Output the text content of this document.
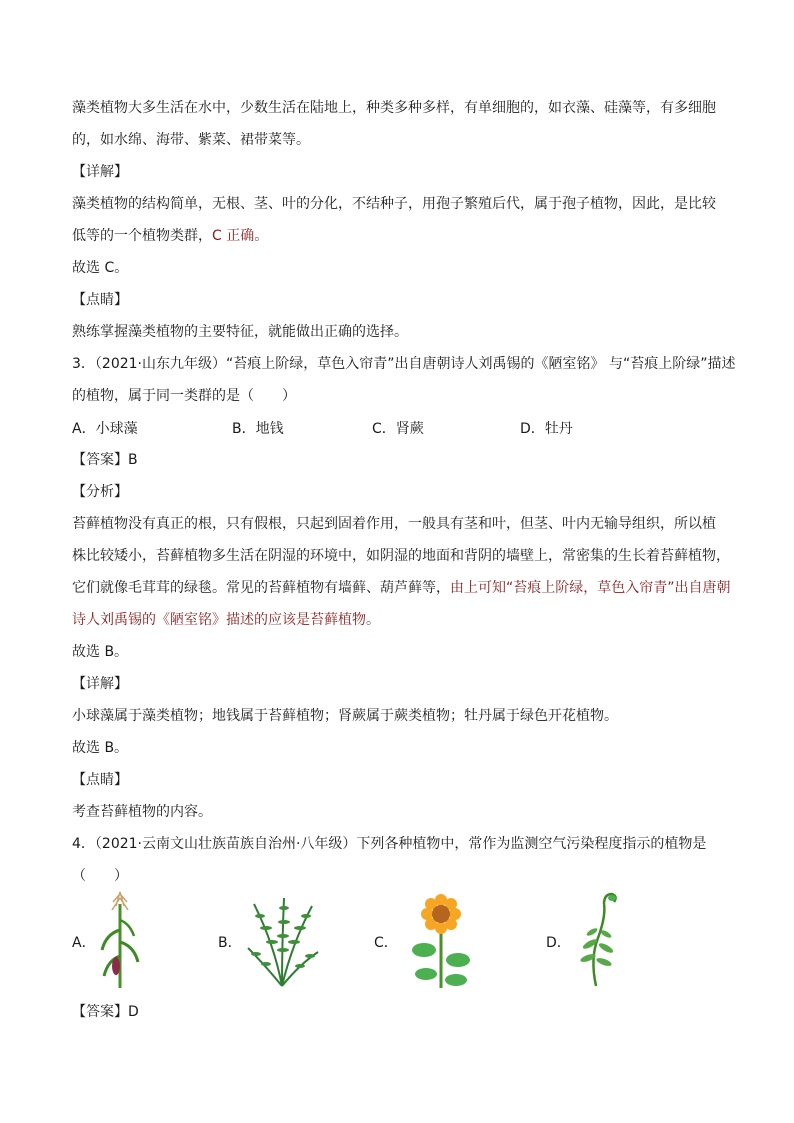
藻类植物大多生活在水中，少数生活在陆地上，种类多种多样，有单细胞的，如衣藻、硅藻等，有多细胞
的，如水绵、海带、紫菜、裙带菜等。
【详解】
藻类植物的结构简单，无根、茎、叶的分化，不结种子，用孢子繁殖后代，属于孢子植物，因此，是比较
低等的一个植物类群，C 正确。
故选 C。
【点睛】
熟练掌握藻类植物的主要特征，就能做出正确的选择。
3．（2021·山东九年级）“苔痕上阶绿，草色入帘青”出自唐朝诗人刘禹锡的《陋室铭》 与“苔痕上阶绿”描述
的植物，属于同一类群的是（　　）
A．小球藻	B．地钱	C．肾蕨	D．牡丹
【答案】B
【分析】
苔藓植物没有真正的根，只有假根，只起到固着作用，一般具有茎和叶，但茎、叶内无输导组织，所以植
株比较矮小，苔藓植物多生活在阴湿的环境中，如阴湿的地面和背阴的墙壁上，常密集的生长着苔藓植物，
它们就像毛茸茸的绿毯。常见的苔藓植物有墙藓、葫芦藓等，由上可知“苔痕上阶绿，草色入帘青”出自唐朝
诗人刘禹锡的《陋室铭》描述的应该是苔藓植物。
故选 B。
【详解】
小球藻属于藻类植物；地钱属于苔藓植物；肾蕨属于蕨类植物；牡丹属于绿色开花植物。
故选 B。
【点睛】
考查苔藓植物的内容。
4．（2021·云南文山壮族苗族自治州·八年级）下列各种植物中，常作为监测空气污染程度指示的植物是
（　　）
A．	B．	C．	D．
【答案】D
